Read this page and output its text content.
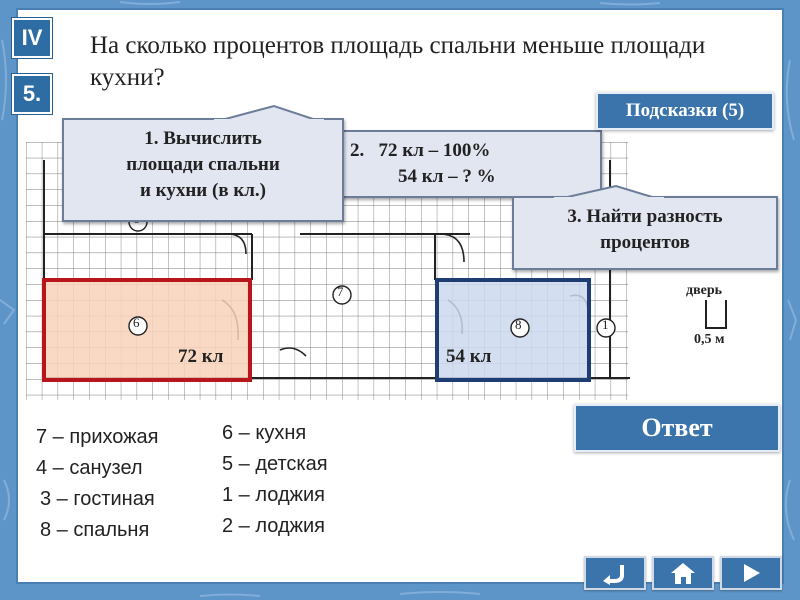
IV
5.
На сколько процентов площадь спальни меньше площади кухни?
6
7
8	1
72 кл	54 кл
дверь
0,5 м
2. 72 кл – 100%
54 кл – ? %
1. Вычислить
площади спальни
и кухни (в кл.)
3. Найти разность
процентов
Подсказки (5)
Ответ
7 – прихожая
4 – санузел
3 – гостиная
8 – спальня
6 – кухня
5 – детская
1 – лоджия
2 – лоджия
